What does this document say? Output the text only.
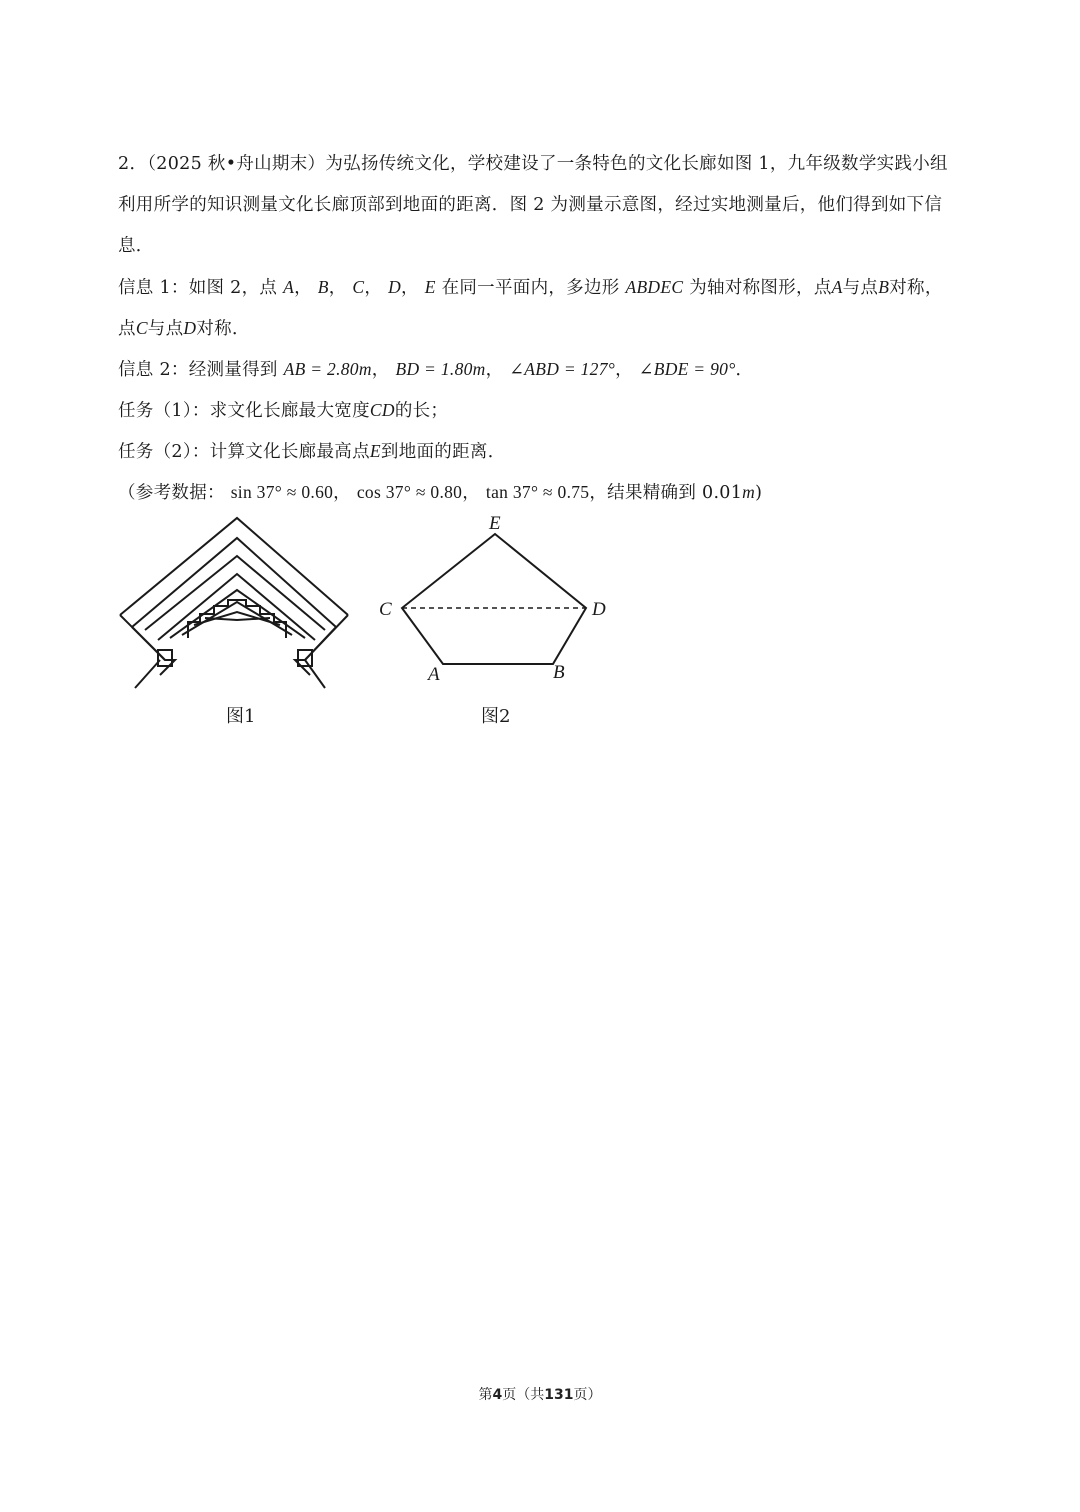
2．（2025 秋•舟山期末）为弘扬传统文化，学校建设了一条特色的文化长廊如图 1，九年级数学实践小组
利用所学的知识测量文化长廊顶部到地面的距离．图 2 为测量示意图，经过实地测量后，他们得到如下信
息．
信息 1：如图 2，点 A， B， C， D， E 在同一平面内，多边形 ABDEC 为轴对称图形，点A与点B对称，
点C与点D对称．
信息 2：经测量得到 AB = 2.80m， BD = 1.80m， ∠ABD = 127°， ∠BDE = 90°．
任务（1）：求文化长廊最大宽度CD的长；
任务（2）：计算文化长廊最高点E到地面的距离．
（参考数据： sin 37° ≈ 0.60， cos 37° ≈ 0.80， tan 37° ≈ 0.75，结果精确到 0.01m)
图1
E
C	D
A	B
图2
第4页（共131页）
